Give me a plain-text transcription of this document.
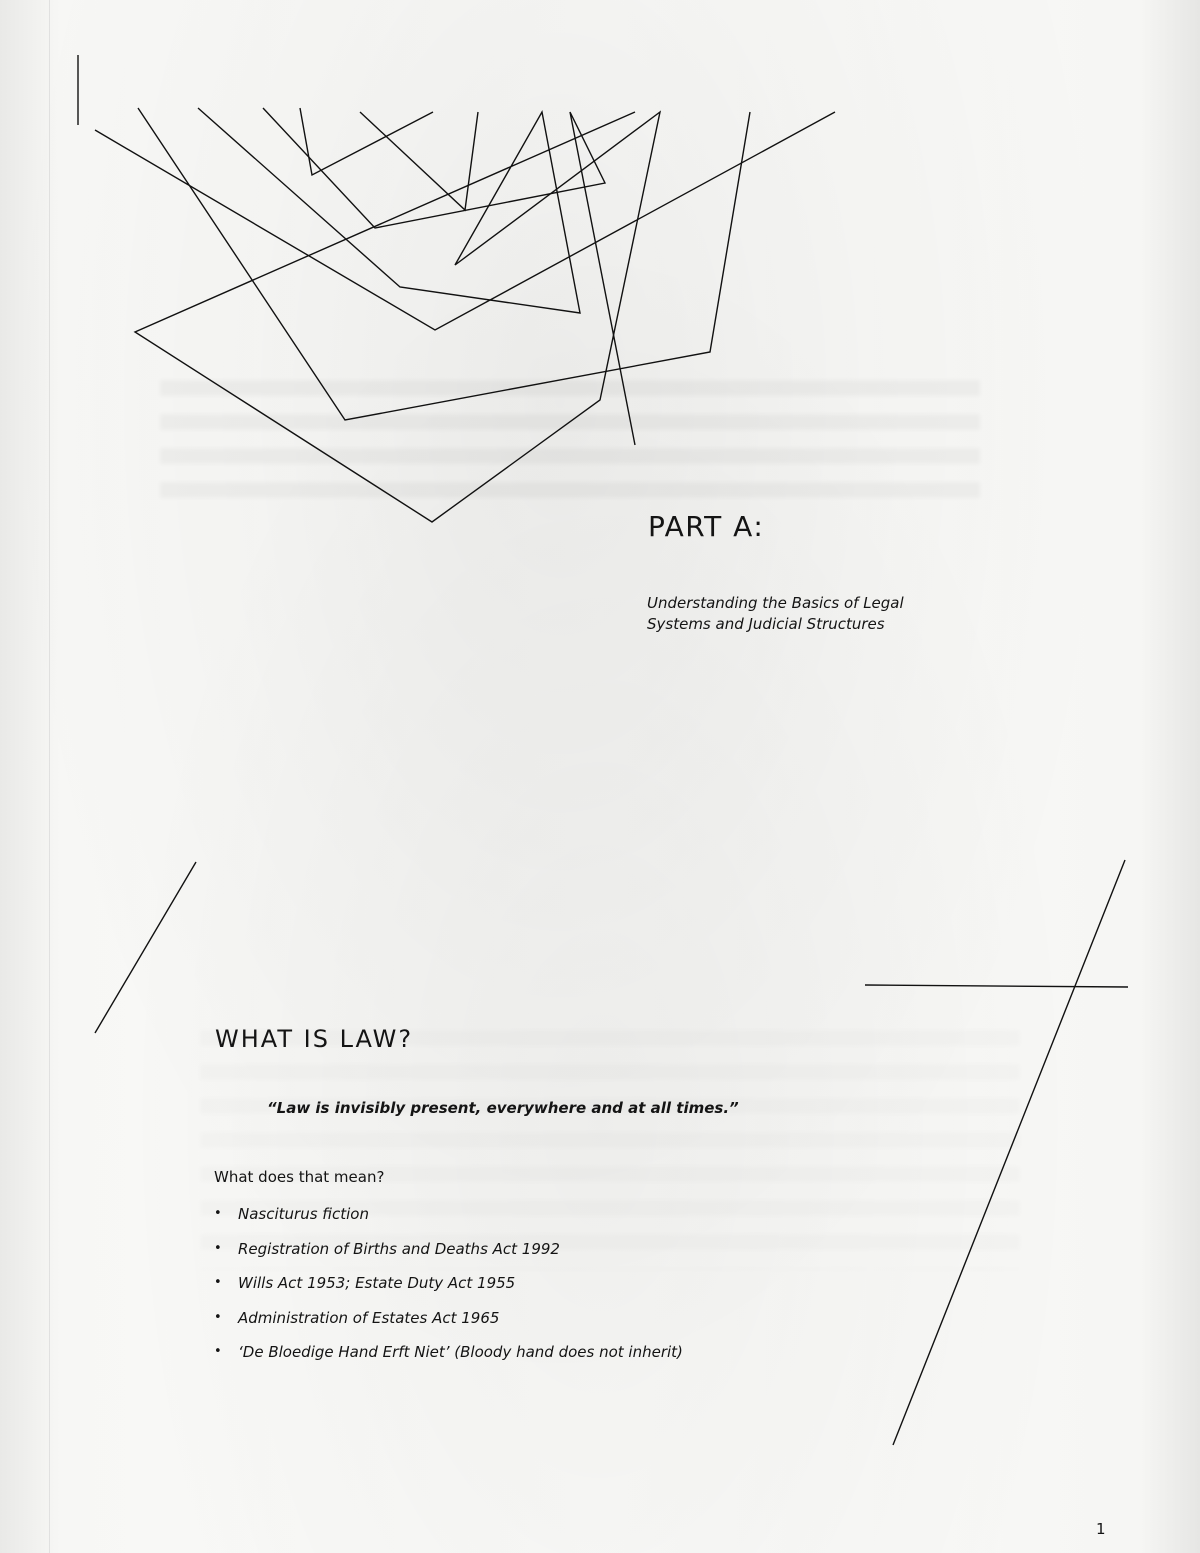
PART A:

Understanding the Basics of Legal Systems and Judicial Structures

WHAT IS LAW?

“Law is invisibly present, everywhere and at all times.”

What does that mean?

• Nasciturus fiction
• Registration of Births and Deaths Act 1992
• Wills Act 1953; Estate Duty Act 1955
• Administration of Estates Act 1965
• ‘De Bloedige Hand Erft Niet’ (Bloody hand does not inherit)

1
